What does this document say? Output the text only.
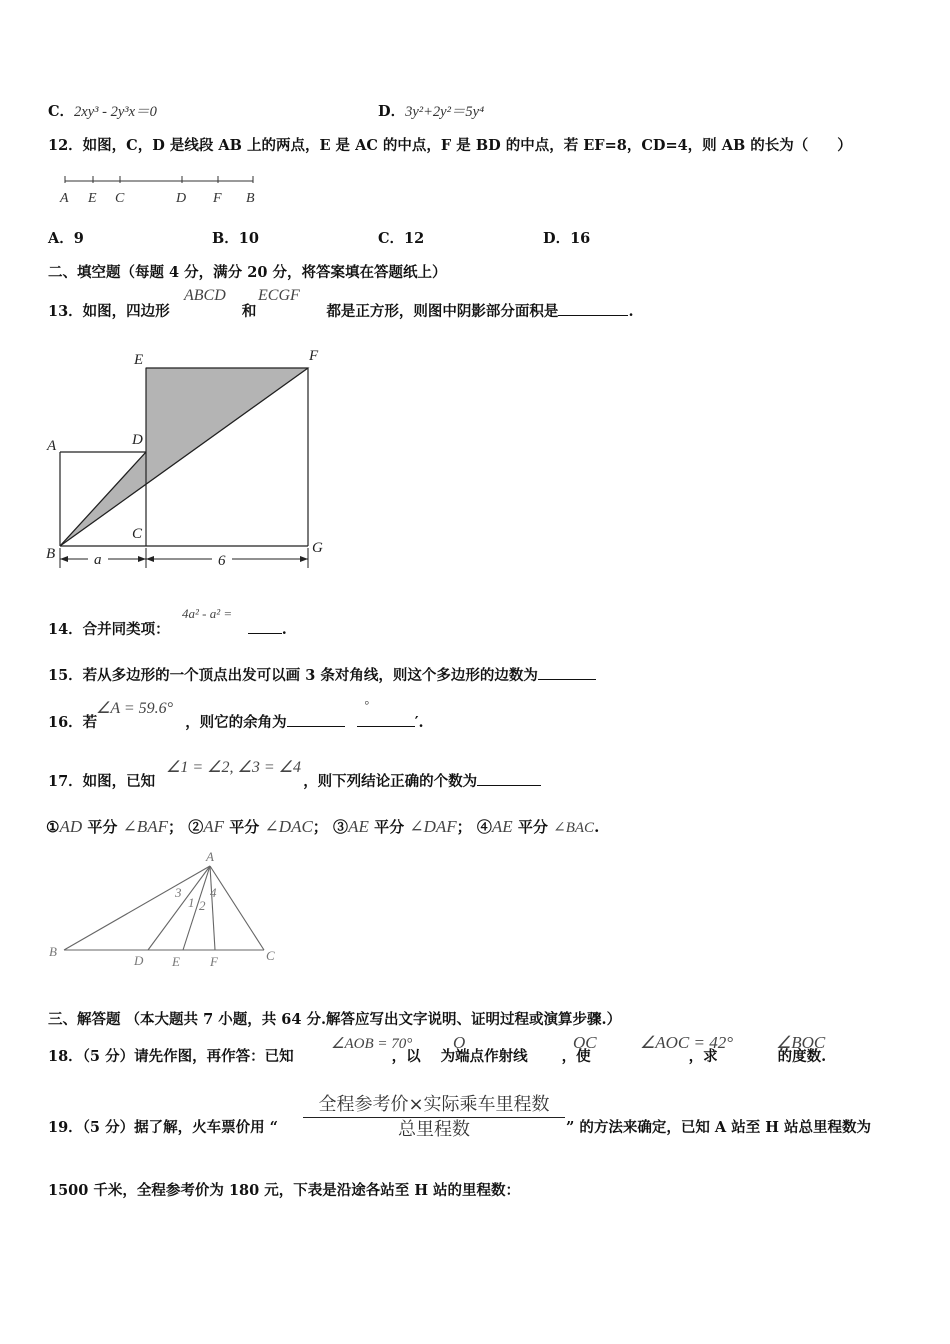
C．2xy³ - 2y³x＝0	D．3y²+2y²＝5y⁴
12．如图，C，D 是线段 AB 上的两点，E 是 AC 的中点，F 是 BD 的中点，若 EF=8，CD=4，则 AB 的长为（　　）
A E C	D F B
A．9	B．10	C．12	D．16
二、填空题（每题 4 分，满分 20 分，将答案填在答题纸上）
13．如图，四边形	和	都是正方形，则图中阴影部分面积是	.
ABCD ECGF
E	F
A	D
B
C
G
a	6
14．合并同类项：	.
4a² - a² =
15．若从多边形的一个顶点出发可以画 3 条对角线，则这个多边形的边数为
16．若	，则它的余角为	′.
∠A = 59.6°	°
17．如图，已知	，则下列结论正确的个数为
∠1 = ∠2, ∠3 = ∠4
①AD 平分 ∠BAF； ②AF 平分 ∠DAC； ③AE 平分 ∠DAF； ④AE 平分 ∠BAC.
A
B	C
D E F
3 4
1 2
三、解答题 （本大题共 7 小题，共 64 分.解答应写出文字说明、证明过程或演算步骤.）
18．（5 分）请先作图，再作答：已知	，以 为端点作射线 ，使	，求	的度数.
∠AOB = 70° O	OC	∠AOC = 42°	∠BOC
全程参考价×实际乘车里程数
总里程数
19．（5 分）据了解，火车票价用 “	” 的方法来确定，已知 A 站至 H 站总里程数为
1500 千米，全程参考价为 180 元，下表是沿途各站至 H 站的里程数：
